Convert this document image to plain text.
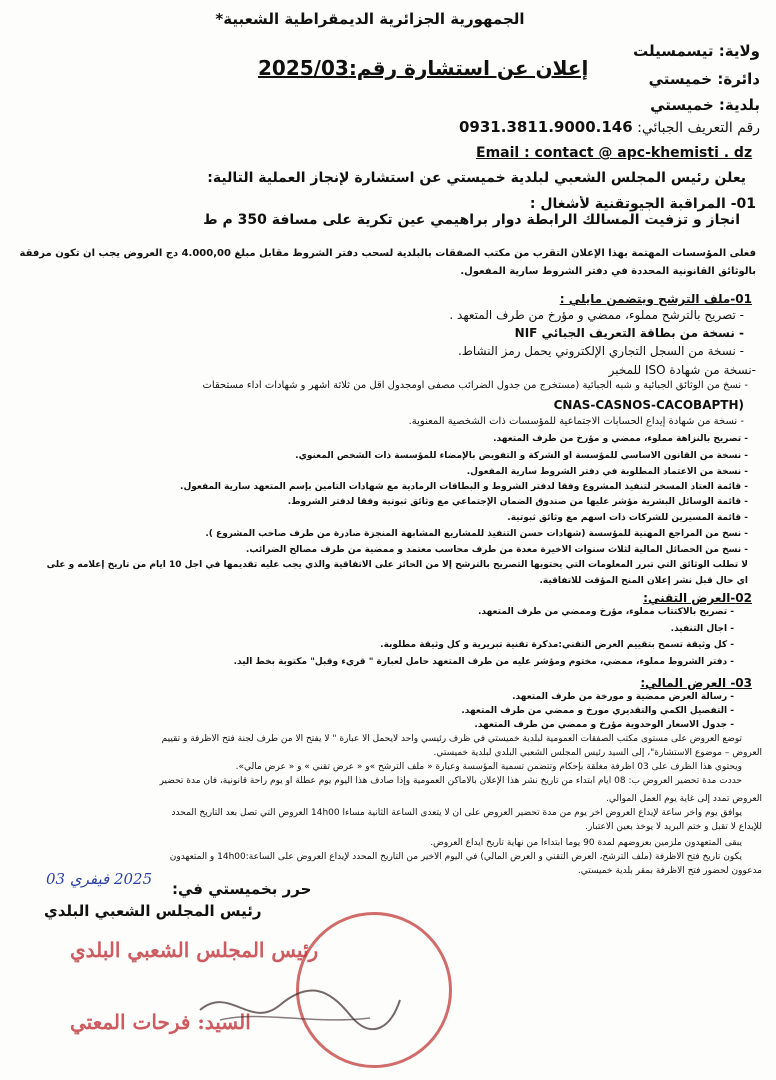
الجمهورية الجزائرية الديمقراطية الشعبية*
ولاية: تيسمسيلت
دائرة: خميستي
بلدية: خميستي
إعلان عن استشارة رقم:2025/03
رقم التعريف الجبائي: 0931.3811.9000.146
Email : contact @ apc-khemisti . dz
يعلن رئيس المجلس الشعبي لبلدية خميستي عن استشارة لإنجاز العملية التالية:
01- المراقبة الجيوتقنية لأشغال :
انجاز و تزفيت المسالك الرابطة دوار براهيمي عين تكرية على مسافة 350 م ط
فعلى المؤسسات المهتمة بهذا الإعلان التقرب من مكتب الصفقات بالبلدية لسحب دفتر الشروط مقابل مبلغ 4.000,00 دج العروض يجب ان تكون مرفقة
بالوثائق القانونية المحددة في دفتر الشروط سارية المفعول.
01-ملف الترشح ويتضمن مايلي :
- تصريح بالترشح مملوء، ممضي و مؤرخ من طرف المتعهد .
- نسخة من بطاقة التعريف الجبائي NIF
- نسخة من السجل التجاري الإلكتروني يحمل رمز النشاط.
-نسخة من شهادة ISO للمخبر
- نسخ من الوثائق الجبائية و شبه الجبائية (مستخرج من جدول الضرائب مصفى اومجدول اقل من ثلاثة أشهر و شهادات أداء مستحقات
(CNAS-CASNOS-CACOBAPTH
- نسخة من شهادة إيداع الحسابات الاجتماعية للمؤسسات ذات الشخصية المعنوية.
- تصريح بالنزاهة مملوء، ممضي و مؤرخ من طرف المتعهد.
- نسخة من القانون الأساسي للمؤسسة أو الشركة و التفويض بالإمضاء للمؤسسة ذات الشخص المعنوي.
- نسخة من الاعتماد المطلوبة في دفتر الشروط سارية المفعول.
- قائمة العتاد المسخر لتنفيذ المشروع وفقا لدفتر الشروط و البطاقات الرمادية مع شهادات التأمين بإسم المتعهد سارية المفعول.
- قائمة الوسائل البشرية مؤشر عليها من صندوق الضمان الإجتماعي مع وثائق ثبوتية وفقا لدفتر الشروط.
- قائمة المسيرين للشركات ذات اسهم مع وثائق ثبوتية.
- نسخ من المراجع المهنية للمؤسسة (شهادات حسن التنفيذ للمشاريع المشابهة المنجزة صادرة من طرف صاحب المشروع ).
- نسخ من الحصائل المالية لثلاث سنوات الأخيرة معدة من طرف محاسب معتمد و ممضية من طرف مصالح الضرائب.
لا تطلب الوثائق التي تبرر المعلومات التي يحتويها التصريح بالترشح إلا من الحائز على الاتفاقية والذي يجب عليه تقديمها في اجل 10 أيام من تاريخ إعلامه و على
أي حال قبل نشر إعلان المنح المؤقت للاتفاقية.
02-العرض التقني:
- تصريح بالاكتتاب مملوء، مؤرخ وممضي من طرف المتعهد.
- اجال التنفيذ.
- كل وثيقة تسمح بتقييم العرض التقني:مذكرة تقنية تبريرية و كل وثيقة مطلوبة.
- دفتر الشروط مملوء، ممضي، مختوم ومؤشر عليه من طرف المتعهد حامل لعبارة " قريء وقبل" مكتوبة بخط اليد.
03- العرض المالي:
- رسالة العرض ممضية و مورخة من طرف المتعهد.
- التفصيل الكمي والتقديري مورخ و ممضي من طرف المتعهد.
- جدول الأسعار الوحدوية مؤرخ و ممضي من طرف المتعهد.
توضع العروض على مستوى مكتب الصفقات العمومية لبلدية خميستي في ظرف رئيسي واحد لايحمل الا عبارة " لا يفتح الا من طرف لجنة فتح الأظرفة و تقييم
العروض – موضوع الاستشارة"، إلى السيد رئيس المجلس الشعبي البلدي لبلدية خميستي.
ويحتوي هذا الظرف على 03 أظرفة مغلقة بإحكام وتتضمن تسمية المؤسسة وعبارة « ملف الترشح »و « عرض تقني » و « عرض مالي».
حددت مدة تحضير العروض ب: 08 أيام ابتداء من تاريخ نشر هذا الإعلان بالأماكن العمومية وإذا صادف هذا اليوم يوم عطلة او يوم راحة قانونية، فان مدة تحضير
العروض تمدد إلى غاية يوم العمل الموالي.
يوافق يوم وآخر ساعة لإيداع العروض آخر يوم من مدة تحضير العروض على أن لا يتعدى الساعة الثانية مساءا 14h00 العروض التي تصل بعد التاريخ المحدد
للإيداع لا تقبل و ختم البريد لا يوخذ بعين الاعتبار.
يبقى المتعهدون ملزمين بعروضهم لمدة 90 يوما ابتداءا من نهاية تاريخ ايداع العروض.
يكون تاريخ فتح الأظرفة (ملف الترشح، العرض التقني و العرض المالي) في اليوم الأخير من التاريخ المحدد لإيداع العروض على الساعة:14h00 و المتعهدون
مدعوون لحضور فتح الأظرفة بمقر بلدية خميستي.
2025 فيفري 03
حرر بخميستي في:
رئيس المجلس الشعبي البلدي
رئيس المجلس الشعبي البلدي
السيد: فرحات المعتي
